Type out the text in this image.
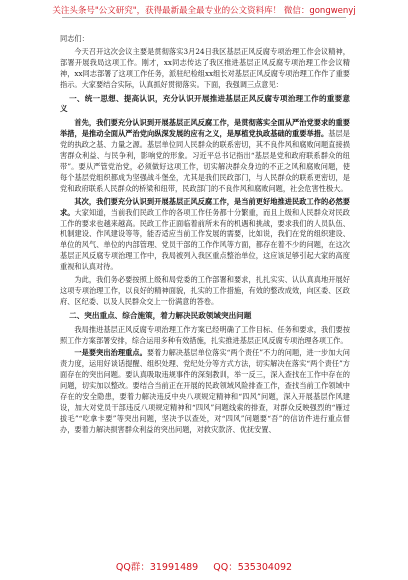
关注头条号"公文研究"，获得最新最全最专业的公文资料库！ 微信：gongwenyj

同志们：

今天召开这次会议主要是贯彻落实3月24日我区基层正风反腐专项治理工作会议精神，部署开展我局这项工作。刚才，xx同志传达了我区推进基层正风反腐专项治理工作会议精神，xx同志部署了这项工作任务，派驻纪检组xx组长对基层正风反腐专项治理工作作了重要指示。大家要结合实际，认真抓好贯彻落实。下面，我强调三点意见：

一、统一思想、提高认识，充分认识开展推进基层正风反腐专项治理工作的重要意义

首先，我们要充分认识到开展基层正风反腐工作，是贯彻落实全面从严治党要求的重要举措，是推动全面从严治党向纵深发展的应有之义，是厚植党执政基础的重要举措。基层是党的执政之基、力量之源。基层单位同人民群众的联系密切，其不良作风和腐败问题直接损害群众利益、与民争利，影响党的形象。习近平总书记指出“基层是党和政府联系群众的纽带”。要从严管党治党，必须做好这项工作，切实解决群众身边的不正之风和腐败问题，使每个基层党组织都成为坚强战斗堡垒，尤其是我们民政部门，与人民群众的联系更密切，是党和政府联系人民群众的桥梁和纽带，民政部门的不良作风和腐败问题，社会危害性极大。

其次，我们要充分认识到开展基层正风反腐工作，是当前更好地推进民政工作的必然要求。大家知道，当前我们民政工作的各项工作任务都十分繁重，而且上级和人民群众对民政工作的要求也越来越高。民政工作正面临着前所未有的机遇和挑战，要求我们的人员队伍、机制建设、作风建设等等，能否适应当前工作发展的需要，比如说，我们在党的组织建设、单位的风气、单位的内部管理、党员干部的工作作风等方面，都存在着不少的问题，在这次基层正风反腐专项治理工作中，我局被列入我区重点整治单位，这应该足够引起大家的高度重视和认真对待。

为此，我们务必要按照上级和局党委的工作部署和要求，扎扎实实、认认真真地开展好这项专项治理工作，以良好的精神面貌，扎实的工作措施，有效的整改成效，向区委、区政府、区纪委、以及人民群众交上一份满意的答卷。

二、突出重点、综合施策，着力解决民政领域突出问题

我局推进基层正风反腐专项治理工作方案已经明确了工作目标、任务和要求，我们要按照工作方案部署安排，综合运用多种有效措施，扎实推进基层正风反腐专项治理各项工作。

一是要突出治理重点。要着力解决基层单位落实“两个责任”不力的问题，进一步加大问责力度，运用好谈话提醒、组织处理、党纪处分等方式方法，切实解决在落实“两个责任”方面存在的突出问题。要认真吸取违规事件的深刻教训，举一反三，深入查找在工作中存在的问题，切实加以整改。要结合当前正在开展的民政领域风险排查工作，查找当前工作领域中存在的安全隐患，要着力解决违反中央八项规定精神和“四风”问题，深入开展基层作风建设，加大对党员干部违反八项规定精神和“四风”问题线索的排查，对群众反映强烈的“雁过拔毛”“吃拿卡要”等突出问题，坚决予以查处，对“四风”问题要“吾”的信访件进行重点督办，要着力解决损害群众利益的突出问题，对救灾款济、优抚安置、

QQ群：31991489 QQ：535304092
